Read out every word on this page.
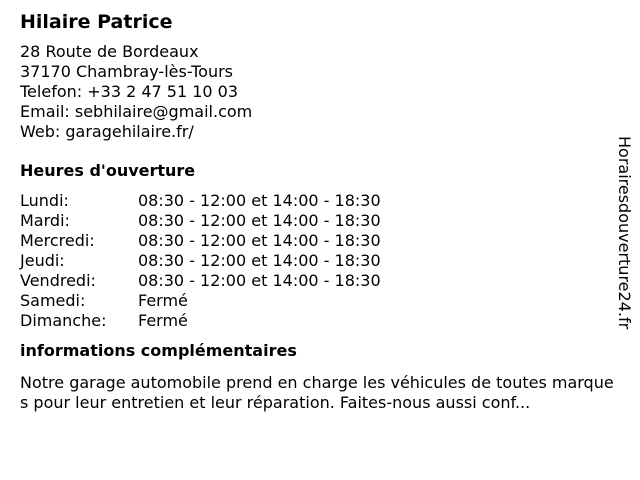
Hilaire Patrice
28 Route de Bordeaux
37170 Chambray-lès-Tours
Telefon: +33 2 47 51 10 03
Email: sebhilaire@gmail.com
Web: garagehilaire.fr/
Heures d'ouverture
Lundi:	08:30 - 12:00 et 14:00 - 18:30
Mardi:	08:30 - 12:00 et 14:00 - 18:30
Mercredi:	08:30 - 12:00 et 14:00 - 18:30
Jeudi:	08:30 - 12:00 et 14:00 - 18:30
Vendredi:	08:30 - 12:00 et 14:00 - 18:30
Samedi:	Fermé
Dimanche:	Fermé
informations complémentaires
Notre garage automobile prend en charge les véhicules de toutes marques pour leur entretien et leur réparation. Faites-nous aussi conf...
Horairesdouverture24.fr
